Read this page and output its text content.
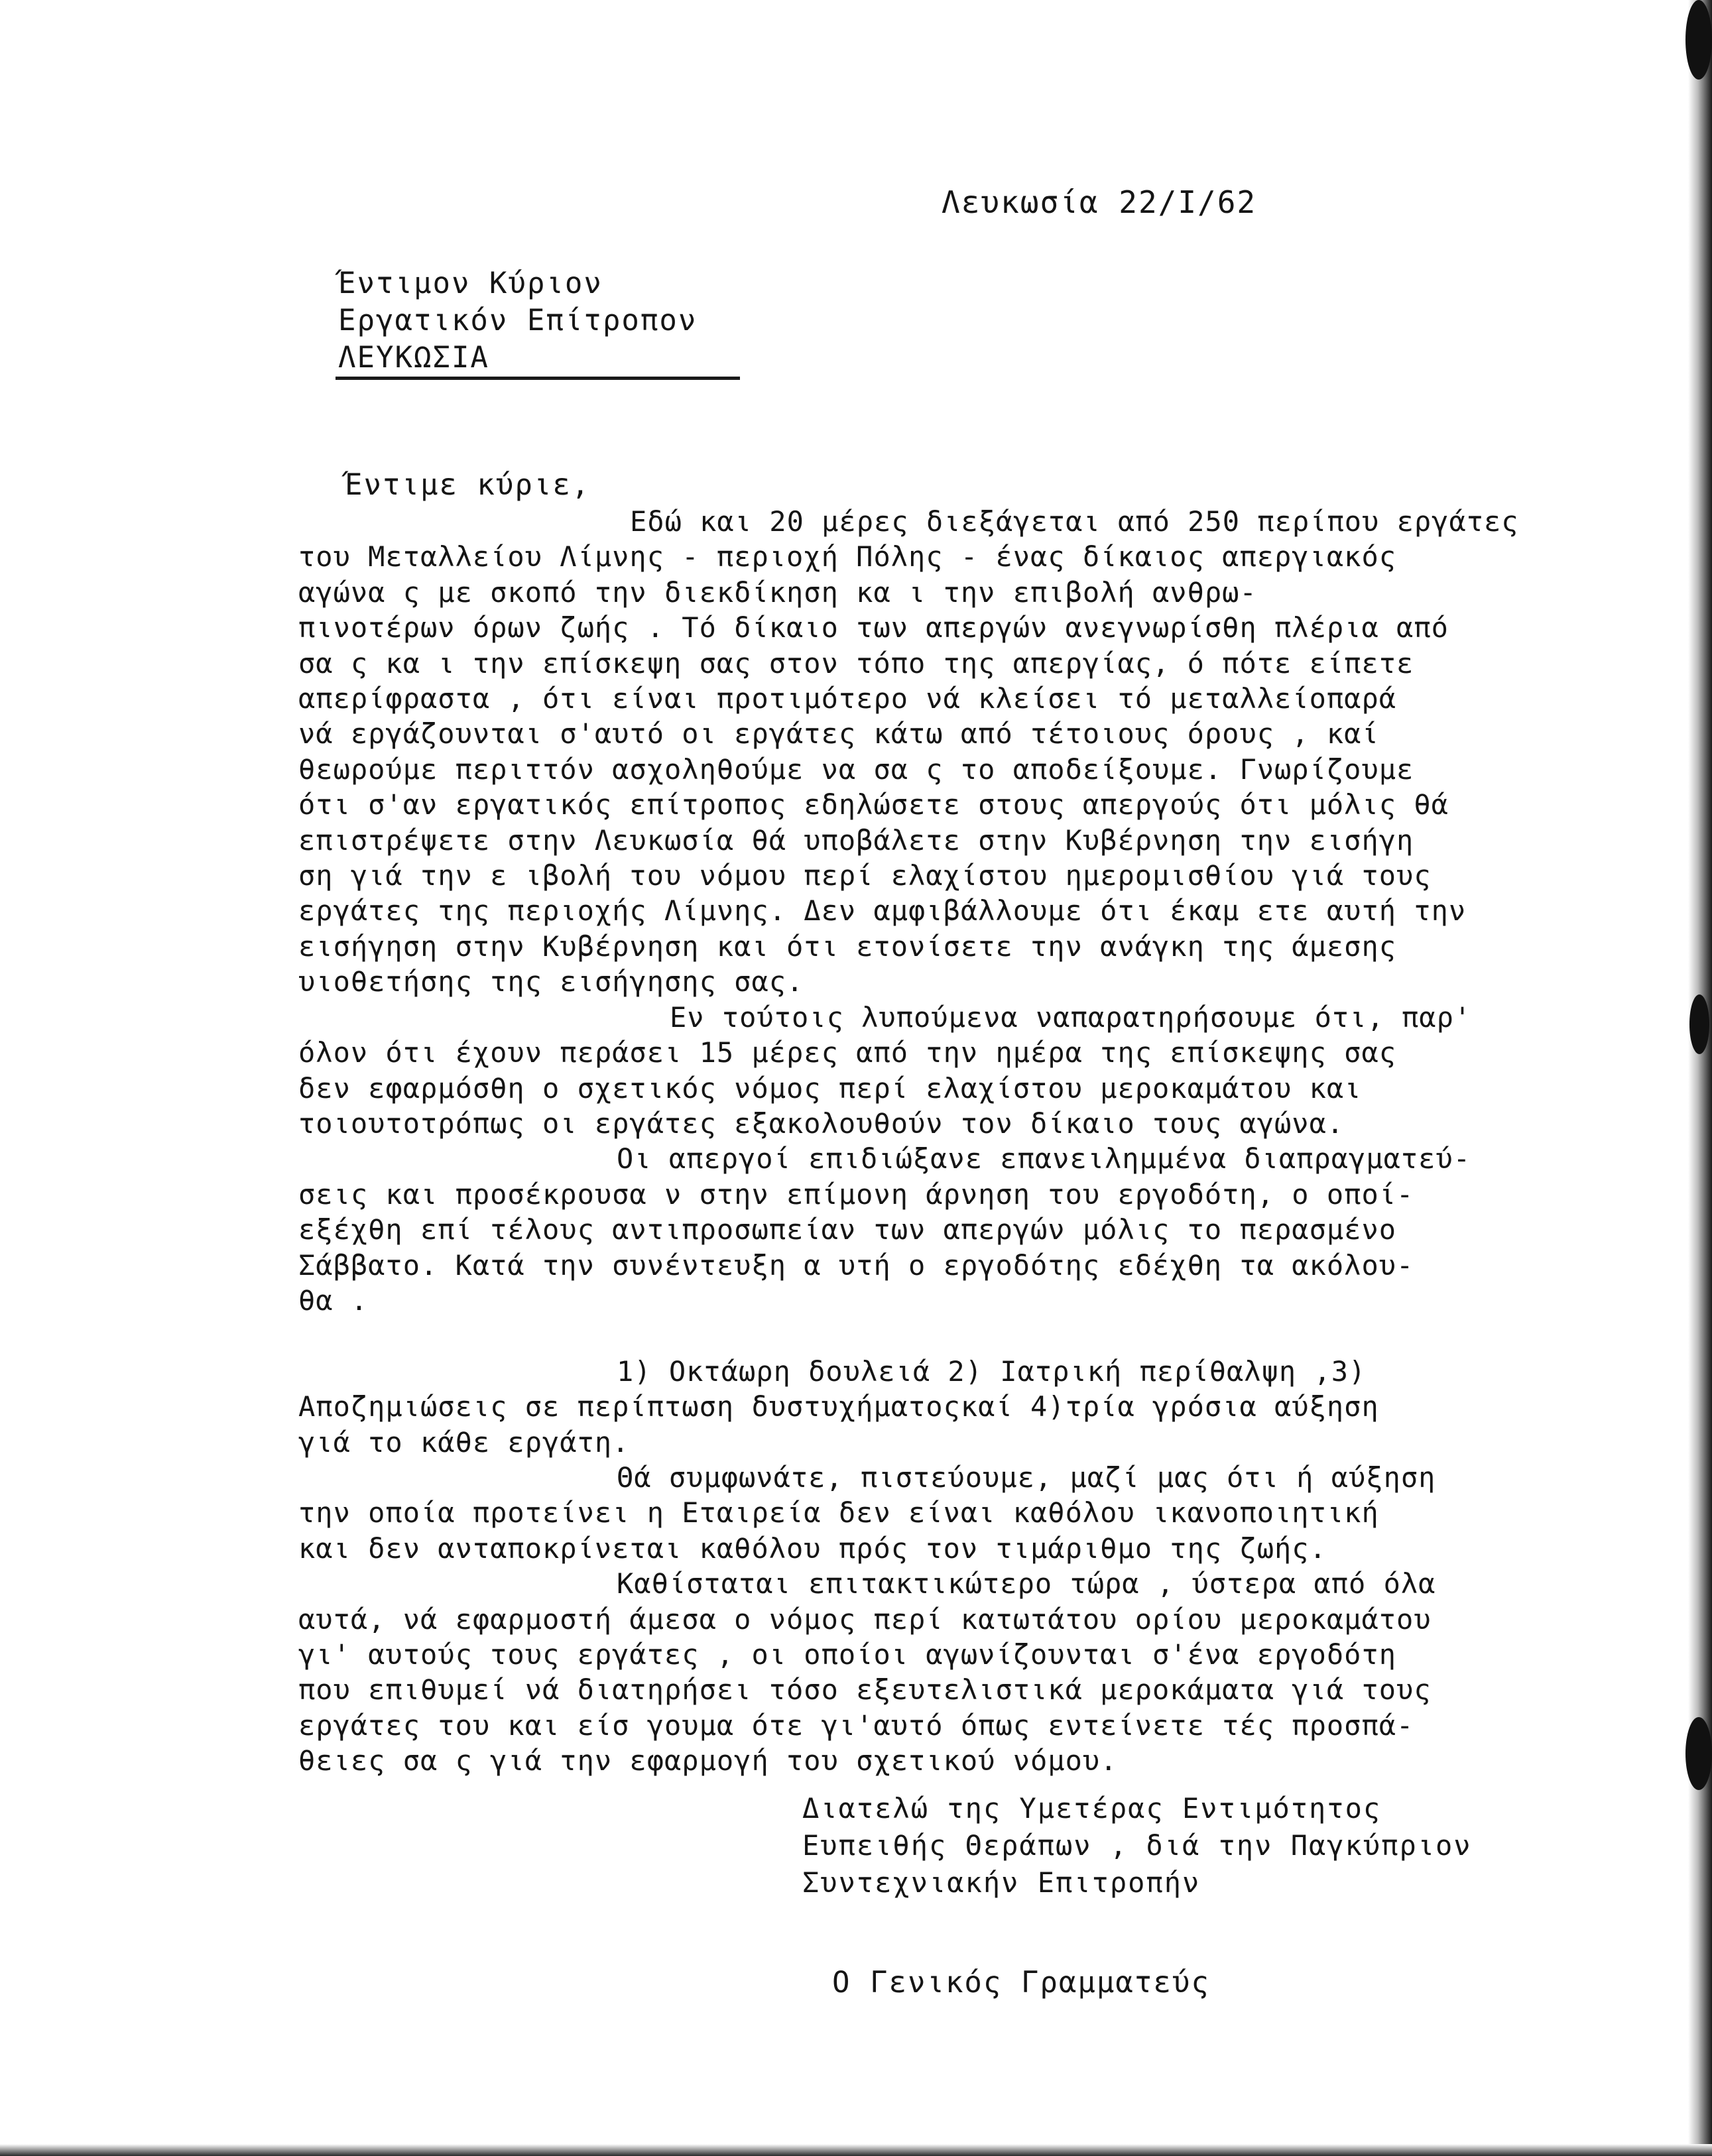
Λευκωσία 22/Ι/62
Έντιμον Κύριον
Εργατικόν Επίτροπον
ΛΕΥΚΩΣΙΑ
Έντιμε κύριε,
Εδώ και 20 μέρες διεξάγεται από 250 περίπου εργάτες
του Μεταλλείου Λίμνης - περιοχή Πόλης - ένας δίκαιος απεργιακός
αγώνα ς με σκοπό την διεκδίκηση κα ι την επιβολή ανθρω-
πινοτέρων όρων ζωής . Τό δίκαιο των απεργών ανεγνωρίσθη πλέρια από
σα ς κα ι την επίσκεψη σας στον τόπο της απεργίας, ό πότε είπετε
απερίφραστα , ότι είναι προτιμότερο νά κλείσει τό μεταλλείοπαρά
νά εργάζουνται σ'αυτό οι εργάτες κάτω από τέτοιους όρους , καί
θεωρούμε περιττόν ασχοληθούμε να σα ς το αποδείξουμε. Γνωρίζουμε
ότι σ'αν εργατικός επίτροπος εδηλώσετε στους απεργούς ότι μόλις θά
επιστρέψετε στην Λευκωσία θά υποβάλετε στην Κυβέρνηση την εισήγη
ση γιά την ε ιβολή του νόμου περί ελαχίστου ημερομισθίου γιά τους
εργάτες της περιοχής Λίμνης. Δεν αμφιβάλλουμε ότι έκαμ ετε αυτή την
εισήγηση στην Κυβέρνηση και ότι ετονίσετε την ανάγκη της άμεσης
υιοθετήσης της εισήγησης σας.
Εν τούτοις λυπούμενα ναπαρατηρήσουμε ότι, παρ'
όλον ότι έχουν περάσει 15 μέρες από την ημέρα της επίσκεψης σας
δεν εφαρμόσθη ο σχετικός νόμος περί ελαχίστου μεροκαμάτου και
τοιουτοτρόπως οι εργάτες εξακολουθούν τον δίκαιο τους αγώνα.
Οι απεργοί επιδιώξανε επανειλημμένα διαπραγματεύ-
σεις και προσέκρουσα ν στην επίμονη άρνηση του εργοδότη, ο οποί-
εξέχθη επί τέλους αντιπροσωπείαν των απεργών μόλις το περασμένο
Σάββατο. Κατά την συνέντευξη α υτή ο εργοδότης εδέχθη τα ακόλου-
θα .

1) Οκτάωρη δουλειά 2) Ιατρική περίθαλψη ,3)
Αποζημιώσεις σε περίπτωση δυστυχήματοςκαί 4)τρία γρόσια αύξηση
γιά το κάθε εργάτη.
Θά συμφωνάτε, πιστεύουμε, μαζί μας ότι ή αύξηση
την οποία προτείνει η Εταιρεία δεν είναι καθόλου ικανοποιητική
και δεν ανταποκρίνεται καθόλου πρός τον τιμάριθμο της ζωής.
Καθίσταται επιτακτικώτερο τώρα , ύστερα από όλα
αυτά, νά εφαρμοστή άμεσα ο νόμος περί κατωτάτου ορίου μεροκαμάτου
γι' αυτούς τους εργάτες , οι οποίοι αγωνίζουνται σ'ένα εργοδότη
που επιθυμεί νά διατηρήσει τόσο εξευτελιστικά μεροκάματα γιά τους
εργάτες του και είσ γουμα ότε γι'αυτό όπως εντείνετε τές προσπά-
θειες σα ς γιά την εφαρμογή του σχετικού νόμου.
Διατελώ της Υμετέρας Εντιμότητος
Ευπειθής Θεράπων , διά την Παγκύπριον
Συντεχνιακήν Επιτροπήν
Ο Γενικός Γραμματεύς
